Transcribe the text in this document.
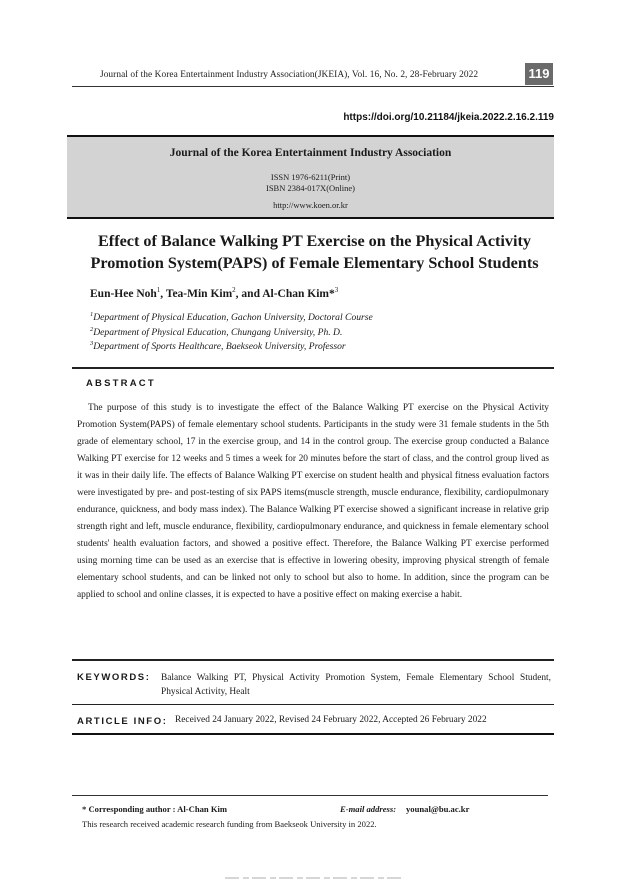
Journal of the Korea Entertainment Industry Association(JKEIA), Vol. 16, No. 2, 28-February 2022	119
https://doi.org/10.21184/jkeia.2022.2.16.2.119
Journal of the Korea Entertainment Industry Association
ISSN 1976-6211(Print)
ISBN 2384-017X(Online)
http://www.koen.or.kr
Effect of Balance Walking PT Exercise on the Physical Activity
Promotion System(PAPS) of Female Elementary School Students
Eun-Hee Noh$^1$, Tea-Min Kim$^2$, and Al-Chan Kim*$^3$
$^1$Department of Physical Education, Gachon University, Doctoral Course
$^2$Department of Physical Education, Chungang University, Ph. D.
$^3$Department of Sports Healthcare, Baekseok University, Professor
ABSTRACT
The purpose of this study is to investigate the effect of the Balance Walking PT exercise on the Physical Activity Promotion System(PAPS) of female elementary school students. Participants in the study were 31 female students in the 5th grade of elementary school, 17 in the exercise group, and 14 in the control group. The exercise group conducted a Balance Walking PT exercise for 12 weeks and 5 times a week for 20 minutes before the start of class, and the control group lived as it was in their daily life. The effects of Balance Walking PT exercise on student health and physical fitness evaluation factors were investigated by pre- and post-testing of six PAPS items(muscle strength, muscle endurance, flexibility, cardiopulmonary endurance, quickness, and body mass index). The Balance Walking PT exercise showed a significant increase in relative grip strength right and left, muscle endurance, flexibility, cardiopulmonary endurance, and quickness in female elementary school students' health evaluation factors, and showed a positive effect. Therefore, the Balance Walking PT exercise performed using morning time can be used as an exercise that is effective in lowering obesity, improving physical strength of female elementary school students, and can be linked not only to school but also to home. In addition, since the program can be applied to school and online classes, it is expected to have a positive effect on making exercise a habit.
KEYWORDS: Balance Walking PT, Physical Activity Promotion System, Female Elementary School Student, Physical Activity, Healt
ARTICLE INFO: Received 24 January 2022, Revised 24 February 2022, Accepted 26 February 2022
* Corresponding author : Al-Chan Kim	E-mail address: younal@bu.ac.kr
This research received academic research funding from Baekseok University in 2022.
